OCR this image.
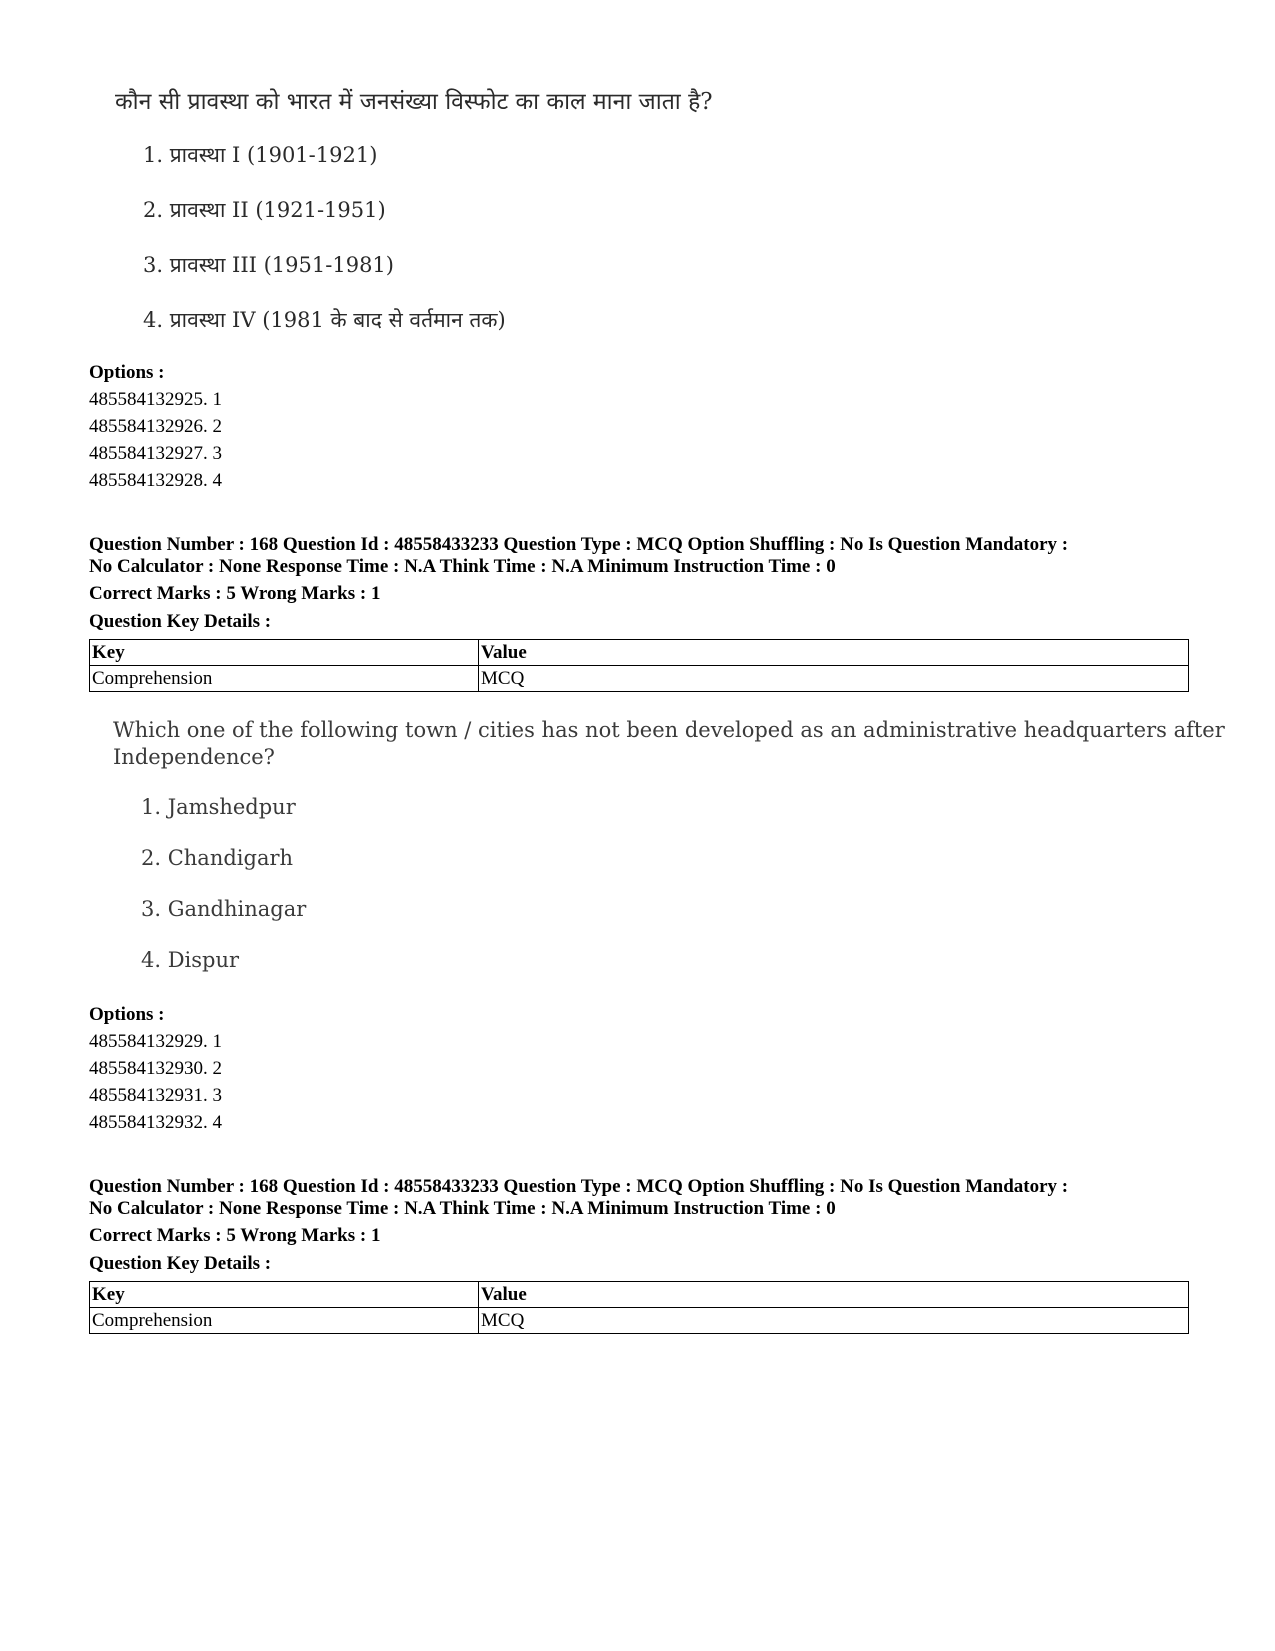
कौन सी प्रावस्था को भारत में जनसंख्या विस्फोट का काल माना जाता है?
1. प्रावस्था I (1901-1921)
2. प्रावस्था II (1921-1951)
3. प्रावस्था III (1951-1981)
4. प्रावस्था IV (1981 के बाद से वर्तमान तक)
Options :
485584132925. 1
485584132926. 2
485584132927. 3
485584132928. 4
Question Number : 168 Question Id : 48558433233 Question Type : MCQ Option Shuffling : No Is Question Mandatory :
No Calculator : None Response Time : N.A Think Time : N.A Minimum Instruction Time : 0
Correct Marks : 5 Wrong Marks : 1
Question Key Details :
Key	Value
Comprehension	MCQ
Which one of the following town / cities has not been developed as an administrative headquarters after
Independence?
1. Jamshedpur
2. Chandigarh
3. Gandhinagar
4. Dispur
Options :
485584132929. 1
485584132930. 2
485584132931. 3
485584132932. 4
Question Number : 168 Question Id : 48558433233 Question Type : MCQ Option Shuffling : No Is Question Mandatory :
No Calculator : None Response Time : N.A Think Time : N.A Minimum Instruction Time : 0
Correct Marks : 5 Wrong Marks : 1
Question Key Details :
Key	Value
Comprehension	MCQ
